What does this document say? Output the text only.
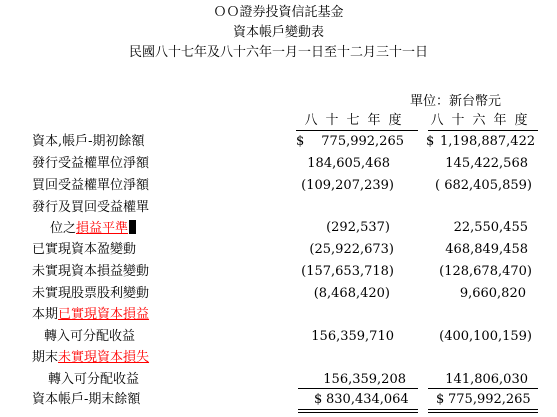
ＯＯ證券投資信託基金
資本帳戶變動表
民國八十七年及八十六年一月一日至十二月三十一日
單位：新台幣元
八十七年度	八十六年度
資本,帳戶-期初餘額	$	775,992,265 $ 1,198,887,422
發行受益權單位淨額	184,605,468	145,422,568
買回受益權單位淨額	(109,207,239)	( 682,405,859)
發行及買回受益權單
位之損益平準	(292,537)	22,550,455
已實現資本盈變動	(25,922,673)	468,849,458
未實現資本損益變動	(157,653,718)	(128,678,470)
未實現股票股利變動	(8,468,420)	9,660,820
本期已實現資本損益
轉入可分配收益	156,359,710	(400,100,159)
期末未實現資本損失
轉入可分配收益	156,359,208	141,806,030
資本帳戶-期末餘額	$ 830,434,064 $ 775,992,265
